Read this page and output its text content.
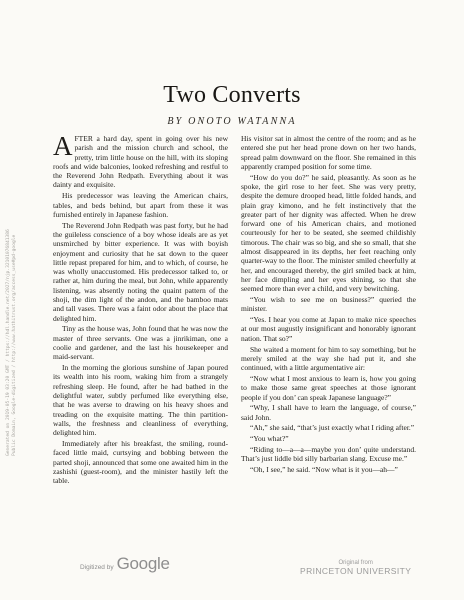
Two Converts
BY ONOTO WATANNA

AFTER a hard day, spent in going over his new parish and the mission church and school, the pretty, trim little house on the hill, with its sloping roofs and wide balconies, looked refreshing and restful to the Reverend John Redpath. Everything about it was dainty and exquisite.

His predecessor was leaving the American chairs, tables, and beds behind, but apart from these it was furnished entirely in Japanese fashion.

The Reverend John Redpath was past forty, but he had the guileless conscience of a boy whose ideals are as yet unsmirched by bitter experience. It was with boyish enjoyment and curiosity that he sat down to the queer little repast prepared for him, and to which, of course, he was wholly unaccustomed. His predecessor talked to, or rather at, him during the meal, but John, while apparently listening, was absently noting the quaint pattern of the shoji, the dim light of the andon, and the bamboo mats and tall vases. There was a faint odor about the place that delighted him.

Tiny as the house was, John found that he was now the master of three servants. One was a jinrikiman, one a coolie and gardener, and the last his housekeeper and maid-servant.

In the morning the glorious sunshine of Japan poured its wealth into his room, waking him from a strangely refreshing sleep. He found, after he had bathed in the delightful water, subtly perfumed like everything else, that he was averse to drawing on his heavy shoes and treading on the exquisite matting. The thin partition-walls, the freshness and cleanliness of everything, delighted him.

Immediately after his breakfast, the smiling, round-faced little maid, curtsying and bobbing between the parted shoji, announced that some one awaited him in the zashishi (guest-room), and the minister hastily left the table.

His visitor sat in almost the centre of the room; and as he entered she put her head prone down on her two hands, spread palm downward on the floor. She remained in this apparently cramped position for some time.

“How do you do?” he said, pleasantly. As soon as he spoke, the girl rose to her feet. She was very pretty, despite the demure drooped head, little folded hands, and plain gray kimono, and he felt instinctively that the greater part of her dignity was affected. When he drew forward one of his American chairs, and motioned courteously for her to be seated, she seemed childishly timorous. The chair was so big, and she so small, that she almost disappeared in its depths, her feet reaching only quarter-way to the floor. The minister smiled cheerfully at her, and encouraged thereby, the girl smiled back at him, her face dimpling and her eyes shining, so that she seemed more than ever a child, and very bewitching.

“You wish to see me on business?” queried the minister.

“Yes. I hear you come at Japan to make nice speeches at our most augustly insignificant and honorably ignorant nation. That so?”

She waited a moment for him to say something, but he merely smiled at the way she had put it, and she continued, with a little argumentative air:

“Now what I most anxious to learn is, how you going to make those same great speeches at those ignorant people if you don’ can speak Japanese language?”

“Why, I shall have to learn the language, of course,” said John.

“Ah,” she said, “that’s just exactly what I riding after.”

“You what?”

“Riding to—a—a—maybe you don’ quite understand. That’s just liddle bid silly barbarian slang. Excuse me.”

“Oh, I see,” he said. “Now what is it you—ah—”

Generated on 2019-05-19 03:20 GMT / https://hdl.handle.net/2027/njp.32101076841386 Public Domain, Google-digitized / http://www.hathitrust.org/access_use#pd-google
Digitized by Google	Original from
PRINCETON UNIVERSITY
